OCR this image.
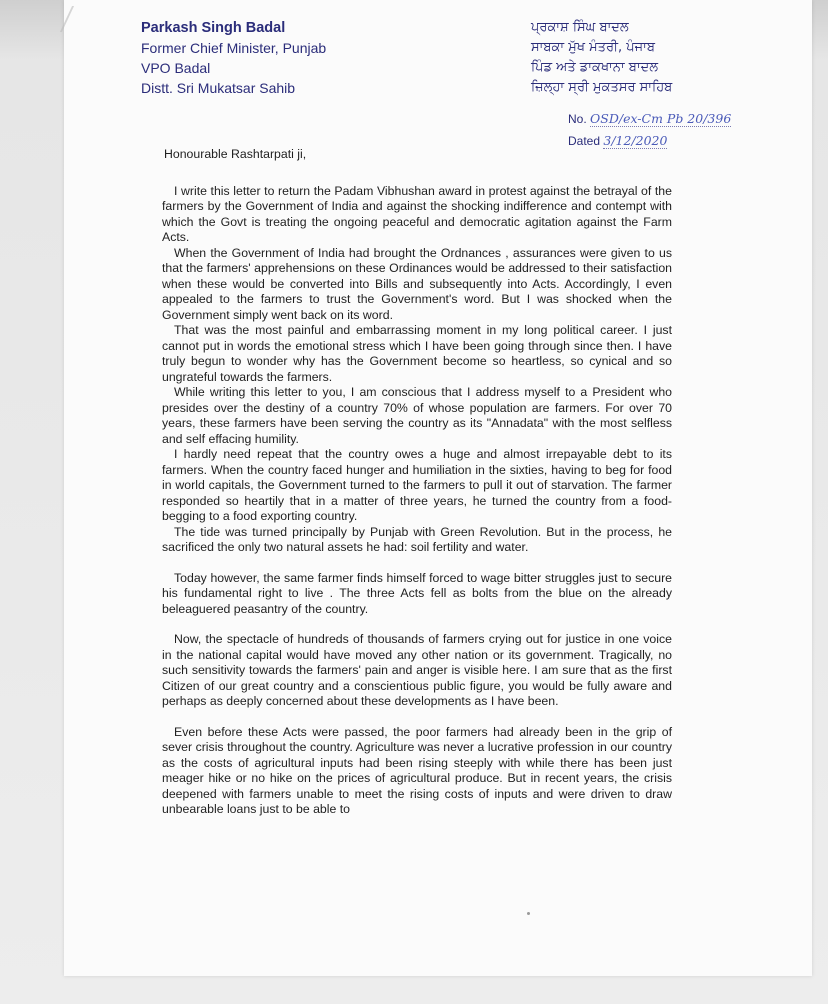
Parkash Singh Badal
Former Chief Minister, Punjab
VPO Badal
Distt. Sri Mukatsar Sahib
ਪ੍ਰਕਾਸ਼ ਸਿੰਘ ਬਾਦਲ
ਸਾਬਕਾ ਮੁੱਖ ਮੰਤਰੀ, ਪੰਜਾਬ
ਪਿੰਡ ਅਤੇ ਡਾਕਖਾਨਾ ਬਾਦਲ
ਜ਼ਿਲ੍ਹਾ ਸ੍ਰੀ ਮੁਕਤਸਰ ਸਾਹਿਬ
No. OSD/ex-Cm Pb 20/396
Dated 3/12/2020
Honourable Rashtarpati ji,

I write this letter to return the Padam Vibhushan award in protest against the betrayal of the farmers by the Government of India and against the shocking indifference and contempt with which the Govt is treating the ongoing peaceful and democratic agitation against the Farm Acts.

When the Government of India had brought the Ordnances , assurances were given to us that the farmers' apprehensions on these Ordinances would be addressed to their satisfaction when these would be converted into Bills and subsequently into Acts. Accordingly, I even appealed to the farmers to trust the Government's word. But I was shocked when the Government simply went back on its word.

That was the most painful and embarrassing moment in my long political career. I just cannot put in words the emotional stress which I have been going through since then. I have truly begun to wonder why has the Government become so heartless, so cynical and so ungrateful towards the farmers.

While writing this letter to you, I am conscious that I address myself to a President who presides over the destiny of a country 70% of whose population are farmers. For over 70 years, these farmers have been serving the country as its "Annadata" with the most selfless and self effacing humility.

I hardly need repeat that the country owes a huge and almost irrepayable debt to its farmers. When the country faced hunger and humiliation in the sixties, having to beg for food in world capitals, the Government turned to the farmers to pull it out of starvation. The farmer responded so heartily that in a matter of three years, he turned the country from a food-begging to a food exporting country.

The tide was turned principally by Punjab with Green Revolution. But in the process, he sacrificed the only two natural assets he had: soil fertility and water.

Today however, the same farmer finds himself forced to wage bitter struggles just to secure his fundamental right to live . The three Acts fell as bolts from the blue on the already beleaguered peasantry of the country.

Now, the spectacle of hundreds of thousands of farmers crying out for justice in one voice in the national capital would have moved any other nation or its government. Tragically, no such sensitivity towards the farmers' pain and anger is visible here. I am sure that as the first Citizen of our great country and a conscientious public figure, you would be fully aware and perhaps as deeply concerned about these developments as I have been.

Even before these Acts were passed, the poor farmers had already been in the grip of sever crisis throughout the country. Agriculture was never a lucrative profession in our country as the costs of agricultural inputs had been rising steeply with while there has been just meager hike or no hike on the prices of agricultural produce. But in recent years, the crisis deepened with farmers unable to meet the rising costs of inputs and were driven to draw unbearable loans just to be able to
